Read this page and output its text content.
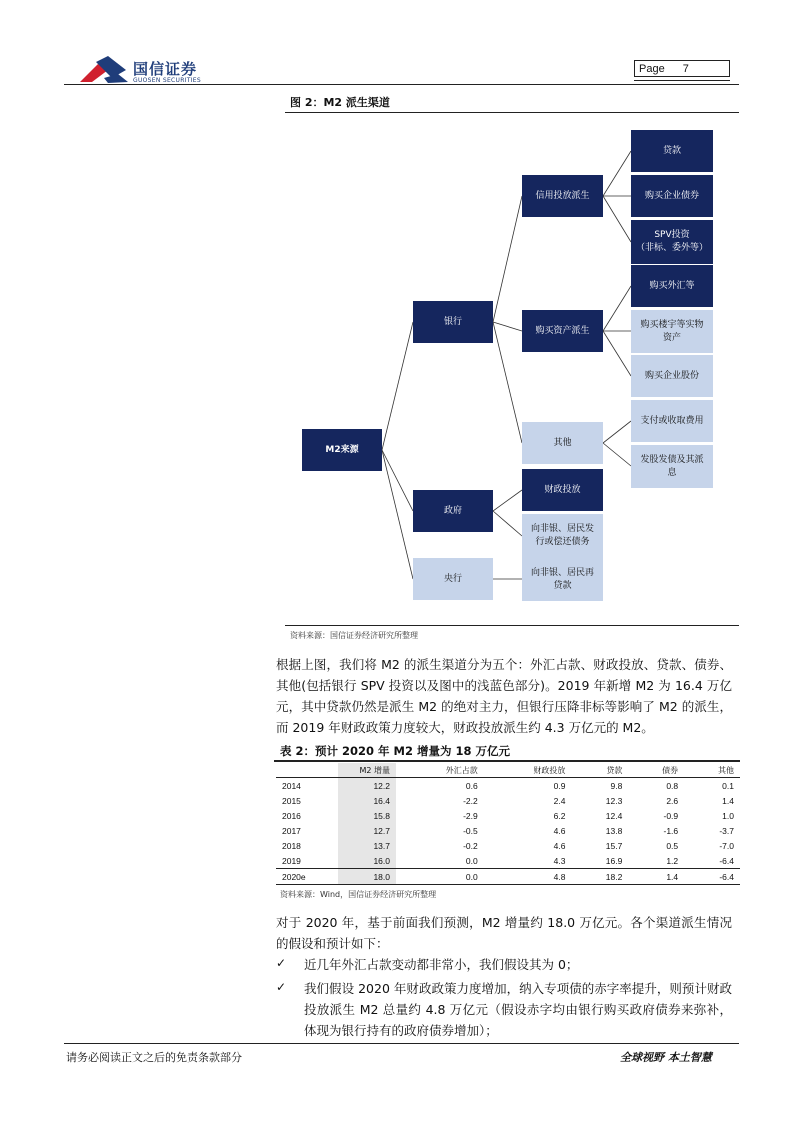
国信证券
GUOSEN SECURITIES
Page 7
图 2：M2 派生渠道
M2来源
银行
政府
央行
信用投放派生
购买资产派生
其他
财政投放
向非银、居民发
行或偿还债务
向非银、居民再
贷款
贷款
购买企业债券
SPV投资
（非标、委外等）
购买外汇等
购买楼宇等实物
资产
购买企业股份
支付或收取费用
发股发债及其派
息
资料来源：国信证券经济研究所整理
根据上图，我们将 M2 的派生渠道分为五个：外汇占款、财政投放、贷款、债券、其他(包括银行 SPV 投资以及图中的浅蓝色部分)。2019 年新增 M2 为 16.4 万亿元，其中贷款仍然是派生 M2 的绝对主力，但银行压降非标等影响了 M2 的派生，而 2019 年财政政策力度较大，财政投放派生约 4.3 万亿元的 M2。
表 2：预计 2020 年 M2 增量为 18 万亿元
	M2 增量	外汇占款	财政投放	贷款	债券	其他
2014	12.2	0.6	0.9	9.8	0.8	0.1
2015	16.4	-2.2	2.4	12.3	2.6	1.4
2016	15.8	-2.9	6.2	12.4	-0.9	1.0
2017	12.7	-0.5	4.6	13.8	-1.6	-3.7
2018	13.7	-0.2	4.6	15.7	0.5	-7.0
2019	16.0	0.0	4.3	16.9	1.2	-6.4
2020e	18.0	0.0	4.8	18.2	1.4	-6.4
资料来源：Wind，国信证券经济研究所整理
对于 2020 年，基于前面我们预测，M2 增量约 18.0 万亿元。各个渠道派生情况的假设和预计如下：
✓ 近几年外汇占款变动都非常小，我们假设其为 0；
✓ 我们假设 2020 年财政政策力度增加，纳入专项债的赤字率提升，则预计财政投放派生 M2 总量约 4.8 万亿元（假设赤字均由银行购买政府债券来弥补，体现为银行持有的政府债券增加）；
请务必阅读正文之后的免责条款部分	全球视野 本土智慧
